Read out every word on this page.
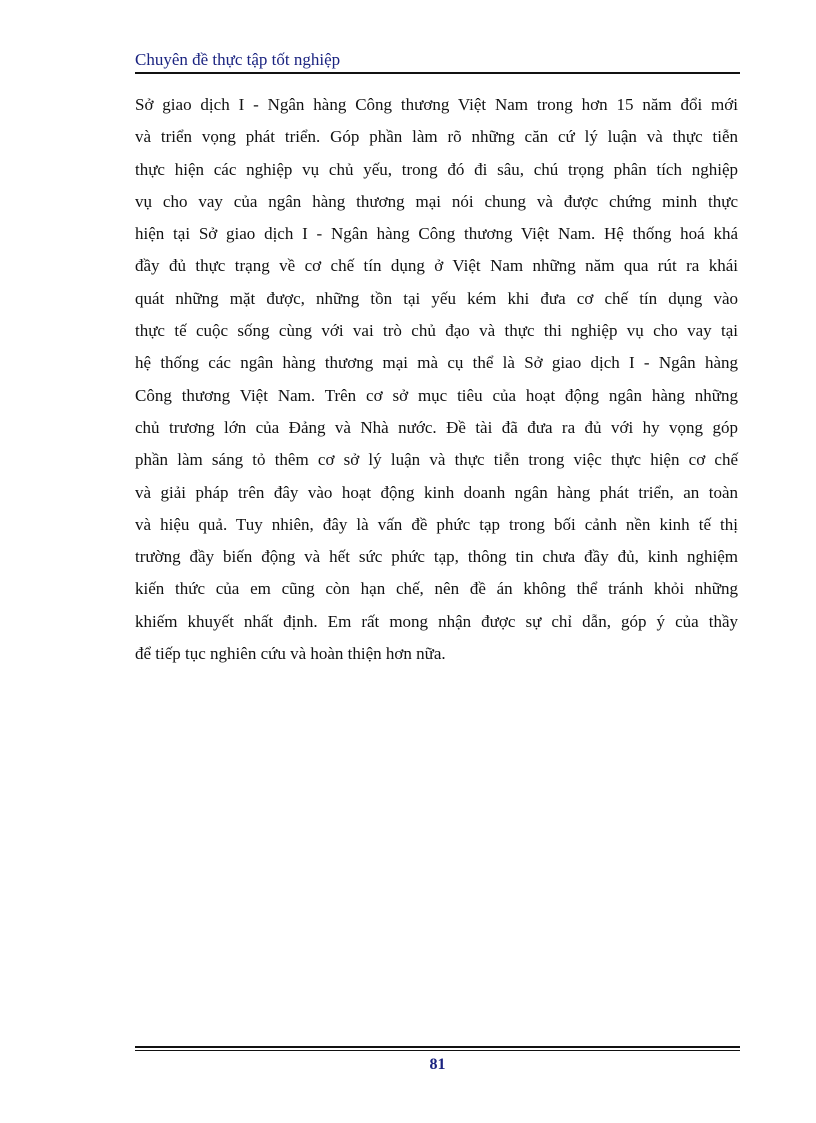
Chuyên đề thực tập tốt nghiệp
Sở giao dịch I - Ngân hàng Công thương Việt Nam trong hơn 15 năm đổi mới
và triển vọng phát triển. Góp phần làm rõ những căn cứ lý luận và thực tiễn
thực hiện các nghiệp vụ chủ yếu, trong đó đi sâu, chú trọng phân tích nghiệp
vụ cho vay của ngân hàng thương mại nói chung và được chứng minh thực
hiện tại Sở giao dịch I - Ngân hàng Công thương Việt Nam. Hệ thống hoá khá
đầy đủ thực trạng về cơ chế tín dụng ở Việt Nam những năm qua rút ra khái
quát những mặt được, những tồn tại yếu kém khi đưa cơ chế tín dụng vào
thực tế cuộc sống cùng với vai trò chủ đạo và thực thi nghiệp vụ cho vay tại
hệ thống các ngân hàng thương mại mà cụ thể là Sở giao dịch I - Ngân hàng
Công thương Việt Nam. Trên cơ sở mục tiêu của hoạt động ngân hàng những
chủ trương lớn của Đảng và Nhà nước. Đề tài đã đưa ra đủ với hy vọng góp
phần làm sáng tỏ thêm cơ sở lý luận và thực tiễn trong việc thực hiện cơ chế
và giải pháp trên đây vào hoạt động kinh doanh ngân hàng phát triển, an toàn
và hiệu quả. Tuy nhiên, đây là vấn đề phức tạp trong bối cảnh nền kinh tế thị
trường đầy biến động và hết sức phức tạp, thông tin chưa đầy đủ, kinh nghiệm
kiến thức của em cũng còn hạn chế, nên đề án không thể tránh khỏi những
khiếm khuyết nhất định. Em rất mong nhận được sự chỉ dẫn, góp ý của thầy
để tiếp tục nghiên cứu và hoàn thiện hơn nữa.
81
